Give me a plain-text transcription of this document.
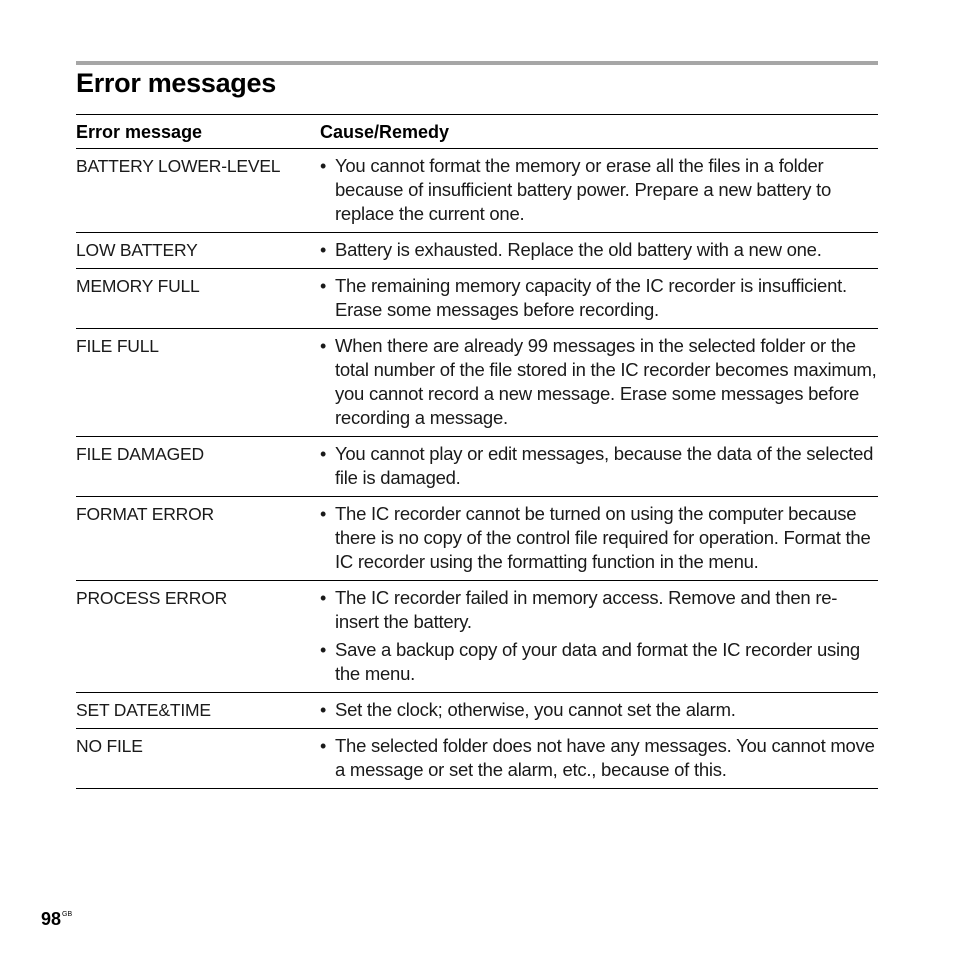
Error messages
Error message	Cause/Remedy
BATTERY LOWER-LEVEL	• You cannot format the memory or erase all the files in a folder because of insufficient battery power. Prepare a new battery to replace the current one.
LOW BATTERY	• Battery is exhausted. Replace the old battery with a new one.
MEMORY FULL	• The remaining memory capacity of the IC recorder is insufficient. Erase some messages before recording.
FILE FULL	• When there are already 99 messages in the selected folder or the total number of the file stored in the IC recorder becomes maximum, you cannot record a new message. Erase some messages before recording a message.
FILE DAMAGED	• You cannot play or edit messages, because the data of the selected file is damaged.
FORMAT ERROR	• The IC recorder cannot be turned on using the computer because there is no copy of the control file required for operation. Format the IC recorder using the formatting function in the menu.
PROCESS ERROR	• The IC recorder failed in memory access. Remove and then re-insert the battery.
• Save a backup copy of your data and format the IC recorder using the menu.
SET DATE&TIME	• Set the clock; otherwise, you cannot set the alarm.
NO FILE	• The selected folder does not have any messages. You cannot move a message or set the alarm, etc., because of this.
$98^{GB}$
